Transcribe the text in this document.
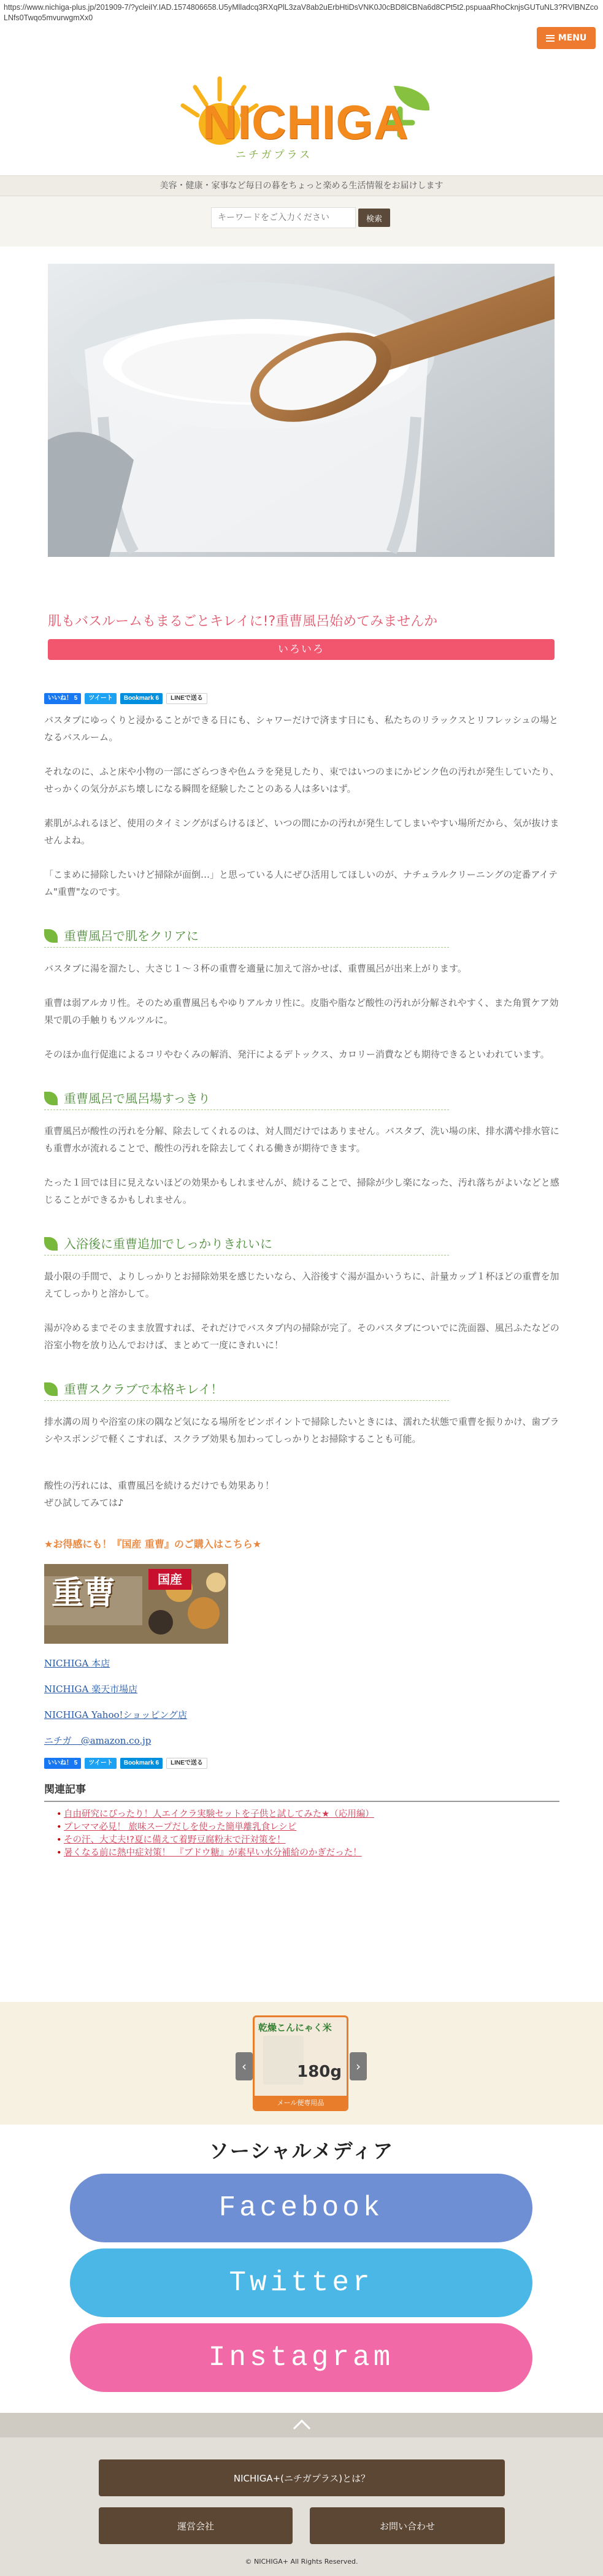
https://www.nichiga-plus.jp/201909-7/?ycleiIY.IAD.1574806658.U5yMlladcq3RXqPlL3zaV8ab2uErbHtiDsVNK0J0cBD8lCBNa6d8CPt5t2.pspuaaRhoCknjsGUTuNL3?RVlBNZcoLNfs0Twqo5mvurwgmXx0
MENU
NICHIGA
ニチガプラス
美容・健康・家事など毎日の暮をちょっと楽める生活情報をお届けします
キーワードをご入力ください
検索
肌もバスルームもまるごとキレイに!?重曹風呂始めてみませんか
いろいろ
いいね！ 5	ツイート	Bookmark 6	LINEで送る

バスタブにゆっくりと浸かることができる日にも、シャワーだけで済ます日にも、私たちのリラックスとリフレッシュの場となるバスルーム。

それなのに、ふと床や小物の一部にざらつきや色ムラを発見したり、束ではいつのまにかピンク色の汚れが発生していたり、せっかくの気分がぶち壊しになる瞬間を経験したことのある人は多いはず。

素肌がふれるほど、使用のタイミングがばらけるほど、いつの間にかの汚れが発生してしまいやすい場所だから、気が抜けませんよね。

「こまめに掃除したいけど掃除が面倒…」と思っている人にぜひ活用してほしいのが、ナチュラルクリーニングの定番アイテム"重曹"なのです。

重曹風呂で肌をクリアに

バスタブに湯を溜たし、大さじ１〜３杯の重曹を適量に加えて溶かせば、重曹風呂が出来上がります。

重曹は弱アルカリ性。そのため重曹風呂もやゆりアルカリ性に。皮脂や脂など酸性の汚れが分解されやすく、また角質ケア効果で肌の手触りもツルツルに。

そのほか血行促進によるコリやむくみの解消、発汗によるデトックス、カロリー消費なども期待できるといわれています。

重曹風呂で風呂場すっきり

重曹風呂が酸性の汚れを分解、除去してくれるのは、対人間だけではありません。バスタブ、洗い場の床、排水溝や排水管にも重曹水が流れることで、酸性の汚れを除去してくれる働きが期待できます。

たった１回では目に見えないほどの効果かもしれませんが、続けることで、掃除が少し楽になった、汚れ落ちがよいなどと感じることができるかもしれません。

入浴後に重曹追加でしっかりきれいに

最小限の手間で、よりしっかりとお掃除効果を感じたいなら、入浴後すぐ湯が温かいうちに、計量カップ１杯ほどの重曹を加えてしっかりと溶かして。

湯が冷めるまでそのまま放置すれば、それだけでバスタブ内の掃除が完了。そのバスタブについでに洗面器、風呂ふたなどの浴室小物を放り込んでおけば、まとめて一度にきれいに！

重曹スクラブで本格キレイ！

排水溝の周りや浴室の床の隅など気になる場所をピンポイントで掃除したいときには、濡れた状態で重曹を振りかけ、歯ブラシやスポンジで軽くこすれば、スクラブ効果も加わってしっかりとお掃除することも可能。

酸性の汚れには、重曹風呂を続けるだけでも効果あり！
ぜひ試してみては♪
★お得感にも！『国産 重曹』のご購入はこちら★
重曹	国産
NICHIGA 本店
NICHIGA 楽天市場店
NICHIGA Yahoo!ショッピング店
ニチガ　@amazon.co.jp
いいね！ 5	ツイート	Bookmark 6	LINEで送る
関連記事
• 自由研究にぴったり！人エイクラ実験セットを子供と試してみた★（応用編）
• プレママ必見！ 旅味スープだしを使った簡単離乳食レシピ
• その汗、大丈夫!?夏に備えて着野豆腐粉末で汗対策を！
• 暑くなる前に熱中症対策！　『ブドウ糖』が素早い水分補給のかぎだった！
‹
乾燥こんにゃく米
180g
メール便専用品
›
ソーシャルメディア
Facebook
Twitter
Instagram
NICHIGA+(ニチガプラス)とは？
運営会社	お問い合わせ
© NICHIGA+ All Rights Reserved.
